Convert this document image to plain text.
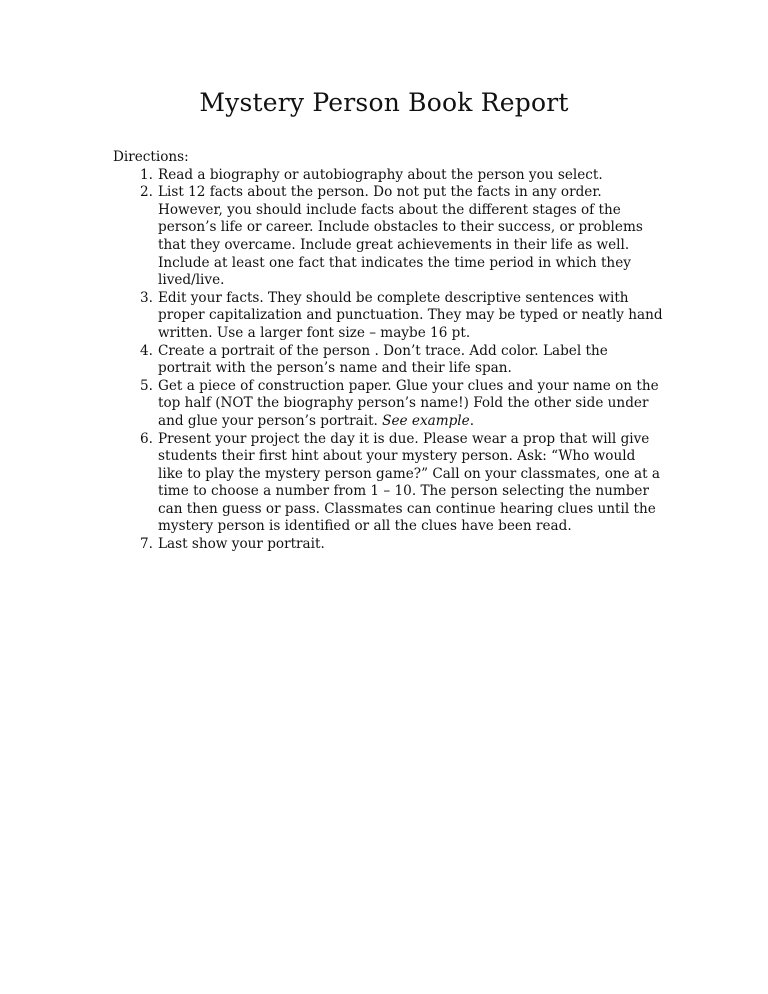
Mystery Person Book Report

Directions:

1. Read a biography or autobiography about the person you select.
2. List 12 facts about the person. Do not put the facts in any order. However, you should include facts about the different stages of the person’s life or career. Include obstacles to their success, or problems that they overcame. Include great achievements in their life as well. Include at least one fact that indicates the time period in which they lived/live.
3. Edit your facts. They should be complete descriptive sentences with proper capitalization and punctuation. They may be typed or neatly hand written. Use a larger font size – maybe 16 pt.
4. Create a portrait of the person . Don’t trace. Add color. Label the portrait with the person’s name and their life span.
5. Get a piece of construction paper. Glue your clues and your name on the top half (NOT the biography person’s name!) Fold the other side under and glue your person’s portrait. See example.
6. Present your project the day it is due. Please wear a prop that will give students their first hint about your mystery person. Ask: “Who would like to play the mystery person game?” Call on your classmates, one at a time to choose a number from 1 – 10. The person selecting the number can then guess or pass. Classmates can continue hearing clues until the mystery person is identified or all the clues have been read.
7. Last show your portrait.
